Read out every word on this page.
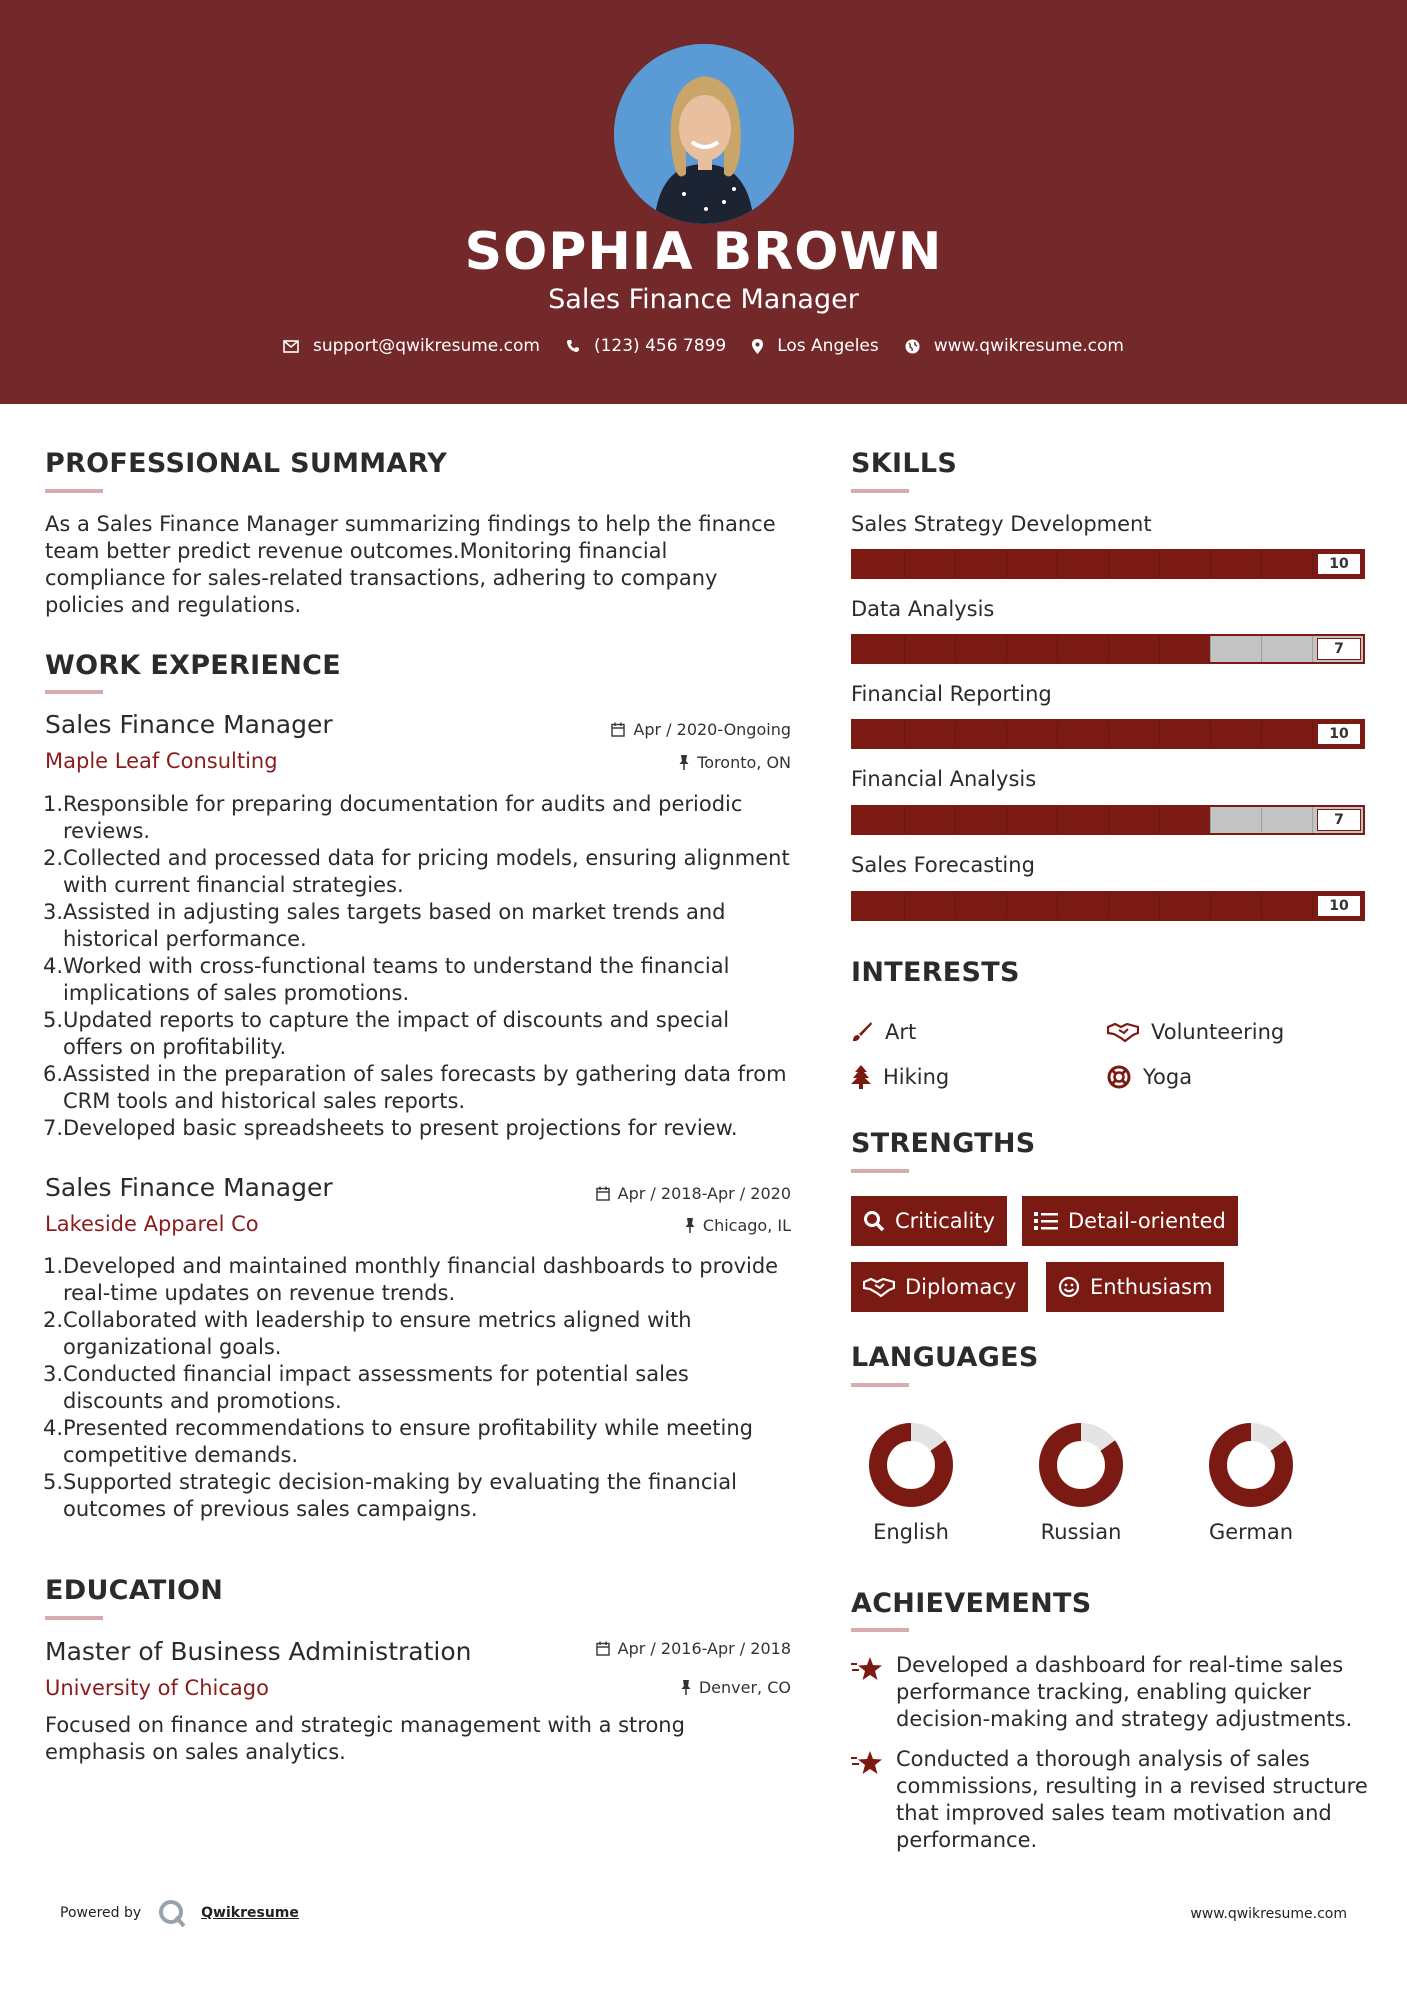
SOPHIA BROWN
Sales Finance Manager
support@qwikresume.com	(123) 456 7899	Los Angeles	www.qwikresume.com
PROFESSIONAL SUMMARY
As a Sales Finance Manager summarizing findings to help the finance
team better predict revenue outcomes.Monitoring financial
compliance for sales-related transactions, adhering to company
policies and regulations.
WORK EXPERIENCE
Sales Finance Manager	Apr / 2020-Ongoing
Maple Leaf Consulting	Toronto, ON
1. Responsible for preparing documentation for audits and periodic
reviews.
2. Collected and processed data for pricing models, ensuring alignment
with current financial strategies.
3. Assisted in adjusting sales targets based on market trends and
historical performance.
4. Worked with cross-functional teams to understand the financial
implications of sales promotions.
5. Updated reports to capture the impact of discounts and special
offers on profitability.
6. Assisted in the preparation of sales forecasts by gathering data from
CRM tools and historical sales reports.
7. Developed basic spreadsheets to present projections for review.
Sales Finance Manager	Apr / 2018-Apr / 2020
Lakeside Apparel Co	Chicago, IL
1. Developed and maintained monthly financial dashboards to provide
real-time updates on revenue trends.
2. Collaborated with leadership to ensure metrics aligned with
organizational goals.
3. Conducted financial impact assessments for potential sales
discounts and promotions.
4. Presented recommendations to ensure profitability while meeting
competitive demands.
5. Supported strategic decision-making by evaluating the financial
outcomes of previous sales campaigns.
EDUCATION
Master of Business Administration	Apr / 2016-Apr / 2018
University of Chicago	Denver, CO
Focused on finance and strategic management with a strong
emphasis on sales analytics.
SKILLS
Sales Strategy Development
10
Data Analysis
7
Financial Reporting
10
Financial Analysis
7
Sales Forecasting
10
INTERESTS
Art	Volunteering
Hiking	Yoga
STRENGTHS
Criticality	Detail-oriented
Diplomacy	Enthusiasm
LANGUAGES
English	Russian	German
ACHIEVEMENTS
Developed a dashboard for real-time sales
performance tracking, enabling quicker
decision-making and strategy adjustments.
Conducted a thorough analysis of sales
commissions, resulting in a revised structure
that improved sales team motivation and
performance.
Powered by	Qwikresume	www.qwikresume.com
